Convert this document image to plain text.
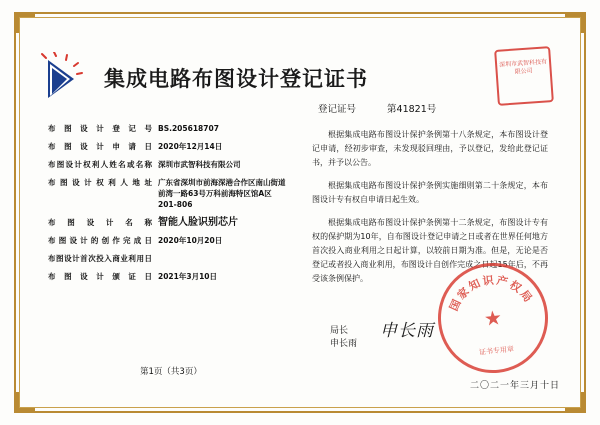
集成电路布图设计登记证书
深圳市武智科技有限公司
登记证号	第41821号
布图设计登记号 BS.205618707
布图设计申请日 2020年12月14日
布图设计权利人姓名或名称 深圳市武智科技有限公司
布图设计权利人地址 广东省深圳市前海深港合作区南山街道前湾一路63号万科前海特区馆A区201-806
布图设计名称 智能人脸识别芯片
布图设计的创作完成日 2020年10月20日
布图设计首次投入商业利用日
布图设计颁证日 2021年3月10日

根据集成电路布图设计保护条例第十八条规定，本布图设计登记申请，经初步审查，未发现驳回理由，予以登记，发给此登记证书，并予以公告。

根据集成电路布图设计保护条例实施细则第二十条规定，本布图设计专有权自申请日起生效。

根据集成电路布图设计保护条例第十二条规定，布图设计专有权的保护期为10年，自布图设计登记申请之日或者在世界任何地方首次投入商业利用之日起计算，以较前日期为准。但是，无论是否登记或者投入商业利用，布图设计自创作完成之日起15年后，不再受该条例保护。

局长
申长雨
申长雨
国家知识产权局
★
证书专用章
第1页（共3页）
二〇二一年三月十日
